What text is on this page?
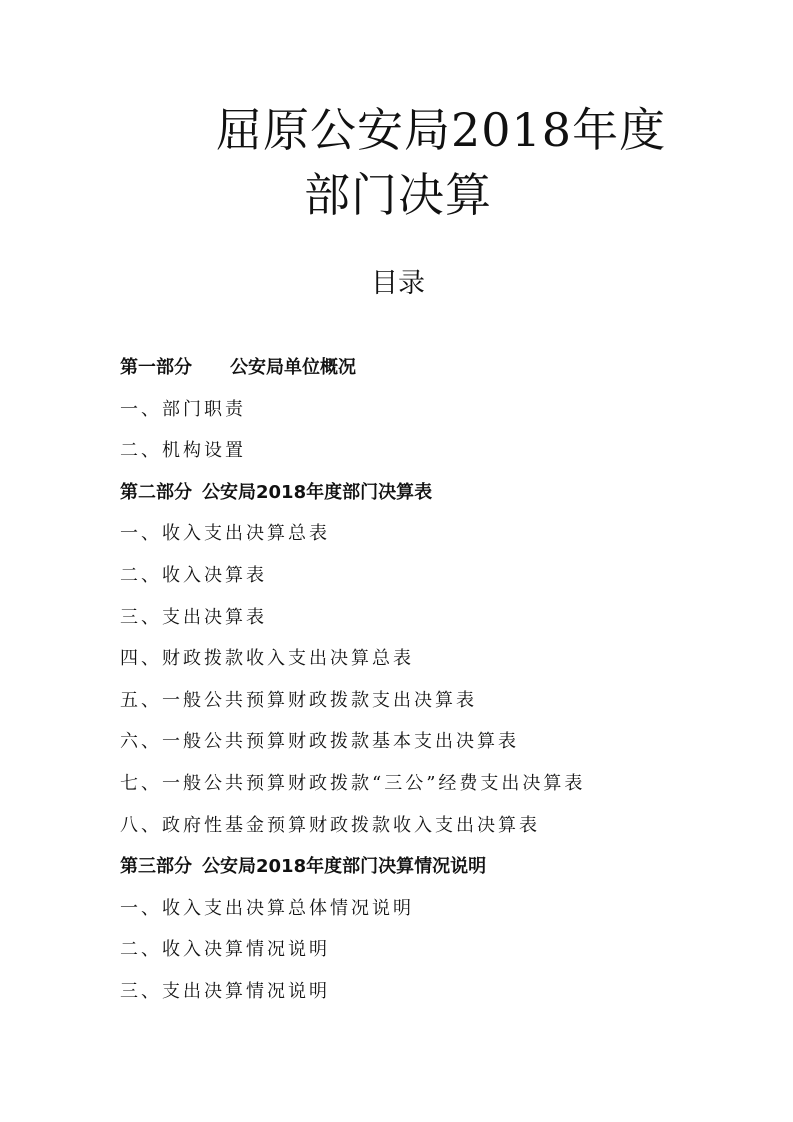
屈原公安局2018年度
部门决算
目录
第一部分 公安局单位概况
一、部门职责
二、机构设置
第二部分 公安局2018年度部门决算表
一、收入支出决算总表
二、收入决算表
三、支出决算表
四、财政拨款收入支出决算总表
五、一般公共预算财政拨款支出决算表
六、一般公共预算财政拨款基本支出决算表
七、一般公共预算财政拨款“三公”经费支出决算表
八、政府性基金预算财政拨款收入支出决算表
第三部分 公安局2018年度部门决算情况说明
一、收入支出决算总体情况说明
二、收入决算情况说明
三、支出决算情况说明
